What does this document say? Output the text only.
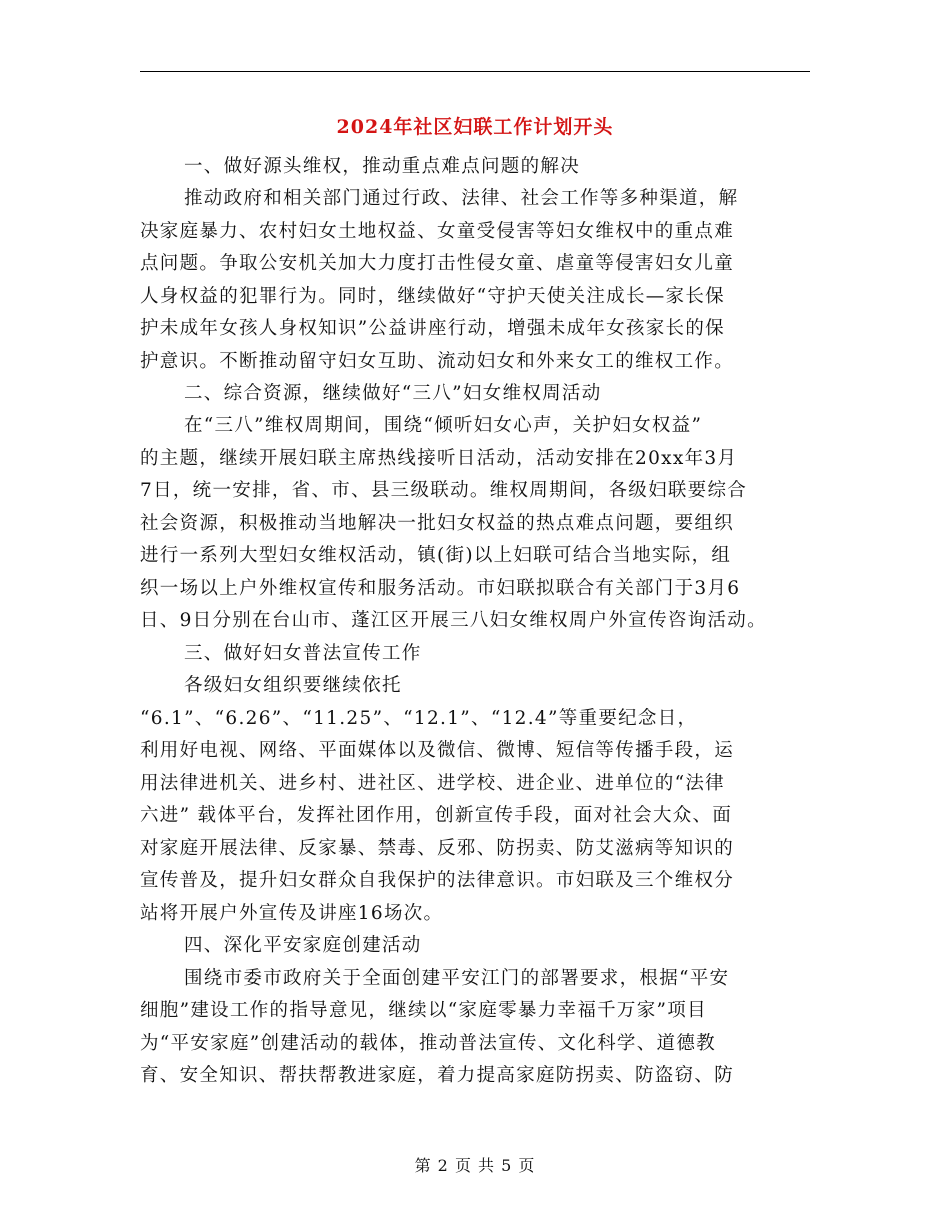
2024年社区妇联工作计划开头
一、做好源头维权，推动重点难点问题的解决
推动政府和相关部门通过行政、法律、社会工作等多种渠道，解
决家庭暴力、农村妇女土地权益、女童受侵害等妇女维权中的重点难
点问题。争取公安机关加大力度打击性侵女童、虐童等侵害妇女儿童
人身权益的犯罪行为。同时，继续做好“守护天使关注成长—家长保
护未成年女孩人身权知识”公益讲座行动，增强未成年女孩家长的保
护意识。不断推动留守妇女互助、流动妇女和外来女工的维权工作。
二、综合资源，继续做好“三八”妇女维权周活动
在“三八”维权周期间，围绕“倾听妇女心声，关护妇女权益”
的主题，继续开展妇联主席热线接听日活动，活动安排在20xx年3月
7日，统一安排，省、市、县三级联动。维权周期间，各级妇联要综合
社会资源，积极推动当地解决一批妇女权益的热点难点问题，要组织
进行一系列大型妇女维权活动，镇(街)以上妇联可结合当地实际，组
织一场以上户外维权宣传和服务活动。市妇联拟联合有关部门于3月6
日、9日分别在台山市、蓬江区开展三八妇女维权周户外宣传咨询活动。
三、做好妇女普法宣传工作
各级妇女组织要继续依托
“6.1”、“6.26”、“11.25”、“12.1”、“12.4”等重要纪念日，
利用好电视、网络、平面媒体以及微信、微博、短信等传播手段，运
用法律进机关、进乡村、进社区、进学校、进企业、进单位的“法律
六进” 载体平台，发挥社团作用，创新宣传手段，面对社会大众、面
对家庭开展法律、反家暴、禁毒、反邪、防拐卖、防艾滋病等知识的
宣传普及，提升妇女群众自我保护的法律意识。市妇联及三个维权分
站将开展户外宣传及讲座16场次。
四、深化平安家庭创建活动
围绕市委市政府关于全面创建平安江门的部署要求，根据“平安
细胞”建设工作的指导意见，继续以“家庭零暴力幸福千万家”项目
为“平安家庭”创建活动的载体，推动普法宣传、文化科学、道德教
育、安全知识、帮扶帮教进家庭，着力提高家庭防拐卖、防盗窃、防
第 2 页 共 5 页
